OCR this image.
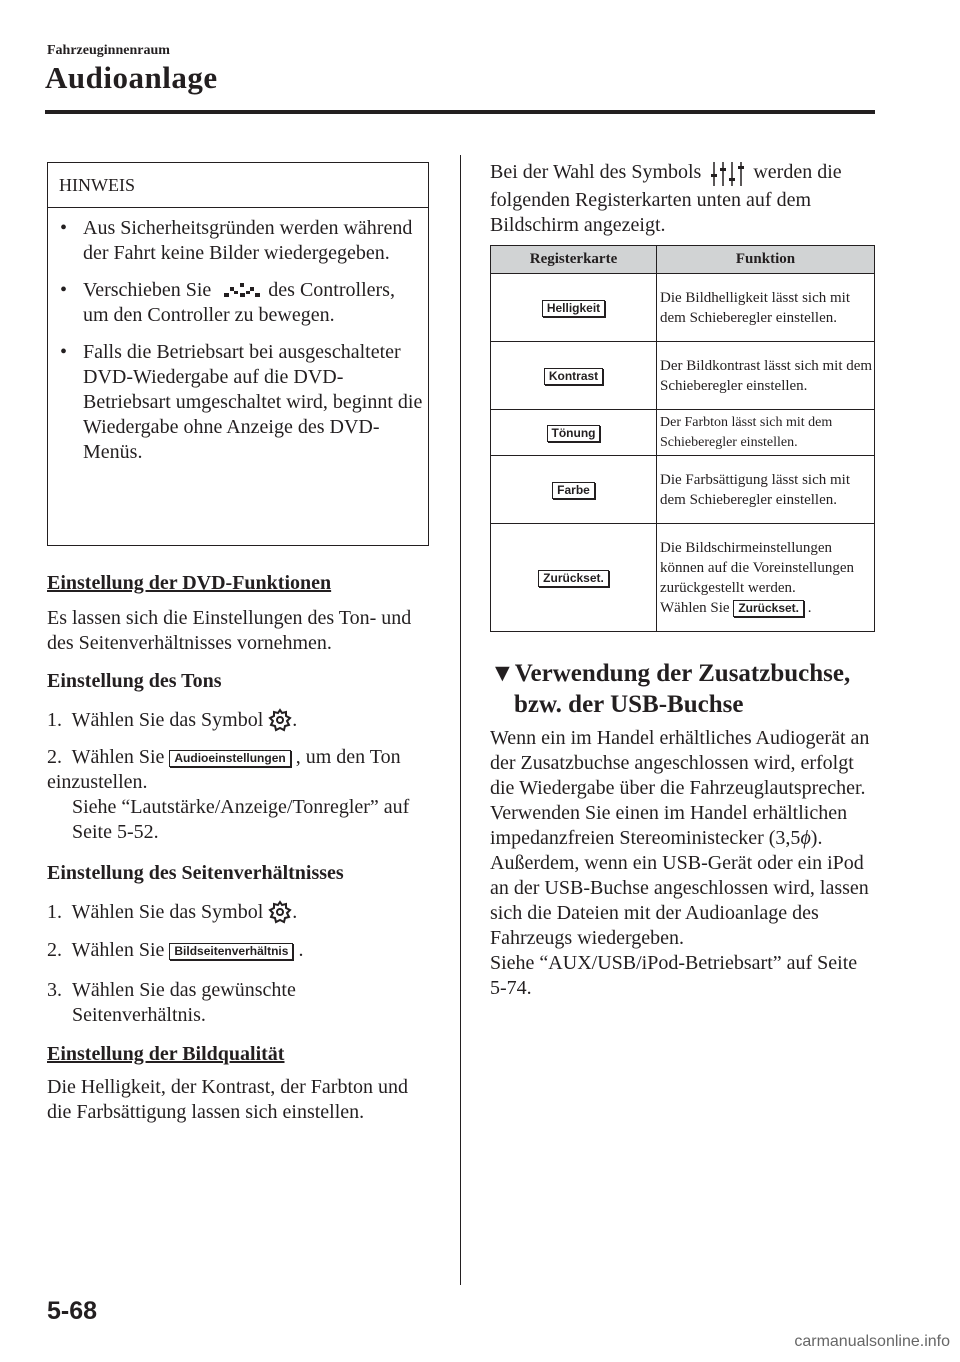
Fahrzeuginnenraum
Audioanlage
HINWEIS
• Aus Sicherheitsgründen werden während der Fahrt keine Bilder wiedergegeben.
• Verschieben Sie	des Controllers, um den Controller zu bewegen.
• Falls die Betriebsart bei ausgeschalteter DVD-Wiedergabe auf die DVD-Betriebsart umgeschaltet wird, beginnt die Wiedergabe ohne Anzeige des DVD-Menüs.
Einstellung der DVD-Funktionen
Es lassen sich die Einstellungen des Ton- und des Seitenverhältnisses vornehmen.
Einstellung des Tons
1. Wählen Sie das Symbol .
2. Wählen Sie Audioeinstellungen , um den Ton einzustellen.
Siehe “Lautstärke/Anzeige/Tonregler” auf Seite 5-52.
Einstellung des Seitenverhältnisses
1. Wählen Sie das Symbol .
2. Wählen Sie Bildseitenverhältnis .
3. Wählen Sie das gewünschte Seitenverhältnis.
Einstellung der Bildqualität
Die Helligkeit, der Kontrast, der Farbton und die Farbsättigung lassen sich einstellen.
Bei der Wahl des Symbols	werden die folgenden Registerkarten unten auf dem Bildschirm angezeigt.
Registerkarte	Funktion
Helligkeit	Die Bildhelligkeit lässt sich mit dem Schieberegler einstellen.
Kontrast	Der Bildkontrast lässt sich mit dem Schieberegler einstellen.
Tönung	Der Farbton lässt sich mit dem Schieberegler einstellen.
Farbe	Die Farbsättigung lässt sich mit dem Schieberegler einstellen.
Zurückset.	Die Bildschirmeinstellungen können auf die Voreinstellungen zurückgestellt werden.
Wählen Sie Zurückset. .
▼Verwendung der Zusatzbuchse,
bzw. der USB-Buchse
Wenn ein im Handel erhältliches Audiogerät an der Zusatzbuchse angeschlossen wird, erfolgt die Wiedergabe über die Fahrzeuglautsprecher.
Verwenden Sie einen im Handel erhältlichen impedanzfreien Stereoministecker (3,5ϕ).
Außerdem, wenn ein USB-Gerät oder ein iPod an der USB-Buchse angeschlossen wird, lassen sich die Dateien mit der Audioanlage des Fahrzeugs wiedergeben.
Siehe “AUX/USB/iPod-Betriebsart” auf Seite 5-74.
5-68
carmanualsonline.info
